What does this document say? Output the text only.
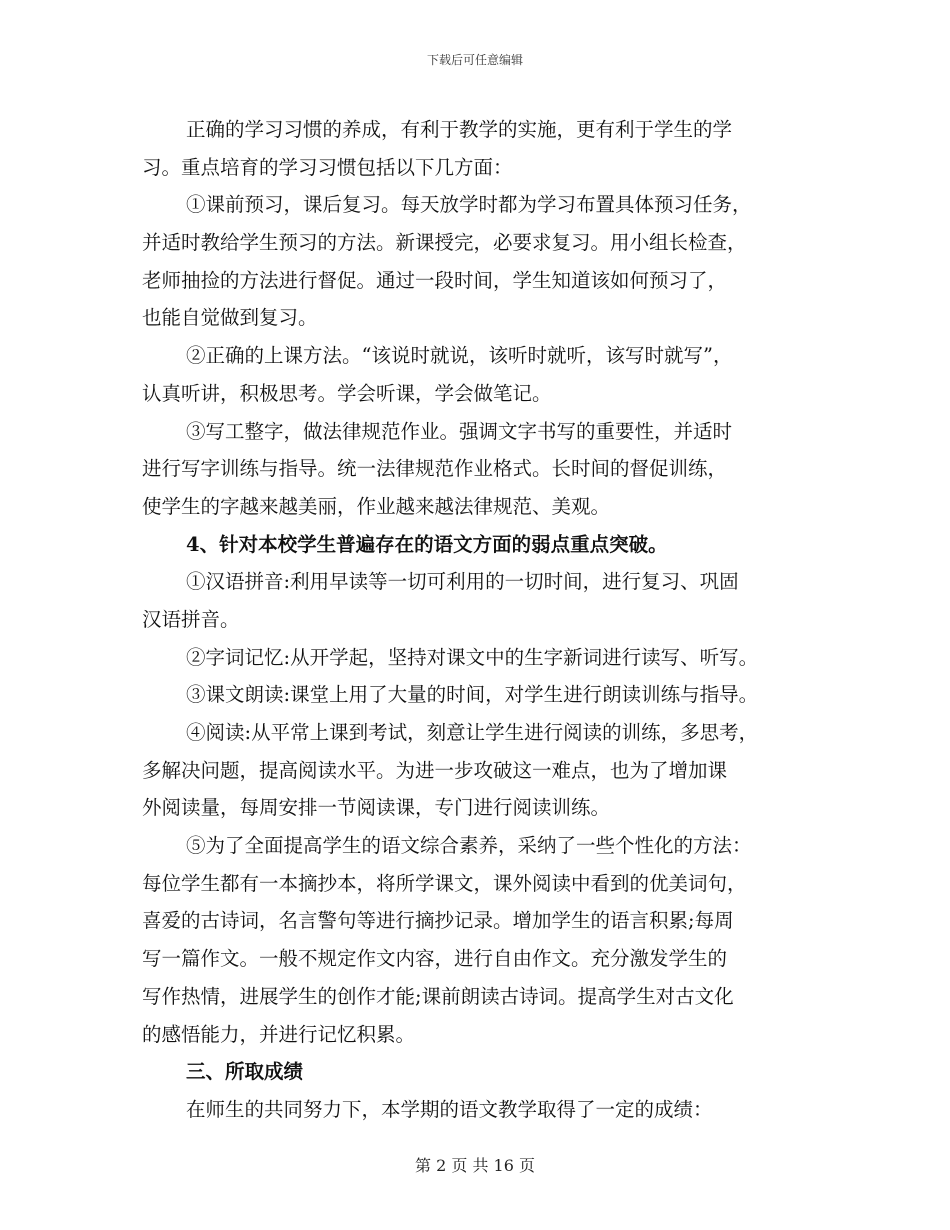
下载后可任意编辑
正确的学习习惯的养成，有利于教学的实施，更有利于学生的学
习。重点培育的学习习惯包括以下几方面：
①课前预习，课后复习。每天放学时都为学习布置具体预习任务，
并适时教给学生预习的方法。新课授完，必要求复习。用小组长检查，
老师抽捡的方法进行督促。通过一段时间，学生知道该如何预习了，
也能自觉做到复习。
②正确的上课方法。“该说时就说，该听时就听，该写时就写”，
认真听讲，积极思考。学会听课，学会做笔记。
③写工整字，做法律规范作业。强调文字书写的重要性，并适时
进行写字训练与指导。统一法律规范作业格式。长时间的督促训练，
使学生的字越来越美丽，作业越来越法律规范、美观。
4、针对本校学生普遍存在的语文方面的弱点重点突破。
①汉语拼音:利用早读等一切可利用的一切时间，进行复习、巩固
汉语拼音。
②字词记忆:从开学起，坚持对课文中的生字新词进行读写、听写。
③课文朗读:课堂上用了大量的时间，对学生进行朗读训练与指导。
④阅读:从平常上课到考试，刻意让学生进行阅读的训练，多思考，
多解决问题，提高阅读水平。为进一步攻破这一难点，也为了增加课
外阅读量，每周安排一节阅读课，专门进行阅读训练。
⑤为了全面提高学生的语文综合素养，采纳了一些个性化的方法：
每位学生都有一本摘抄本，将所学课文，课外阅读中看到的优美词句，
喜爱的古诗词，名言警句等进行摘抄记录。增加学生的语言积累;每周
写一篇作文。一般不规定作文内容，进行自由作文。充分激发学生的
写作热情，进展学生的创作才能;课前朗读古诗词。提高学生对古文化
的感悟能力，并进行记忆积累。
三、所取成绩
在师生的共同努力下，本学期的语文教学取得了一定的成绩：
第 2 页 共 16 页
